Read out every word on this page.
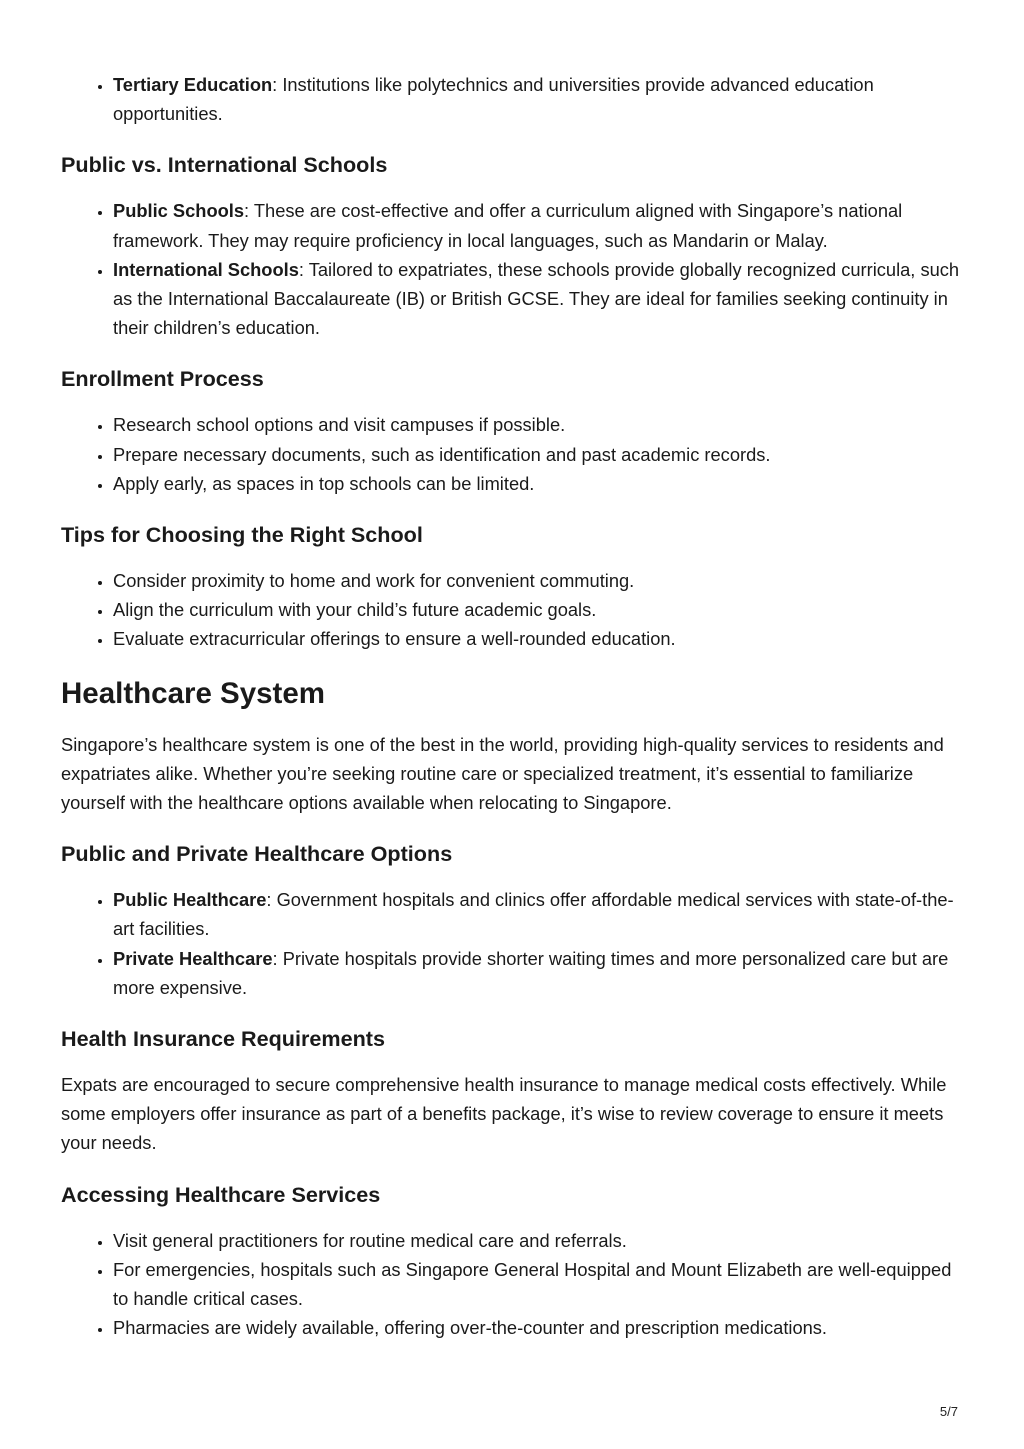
• Tertiary Education: Institutions like polytechnics and universities provide advanced education opportunities.
Public vs. International Schools
• Public Schools: These are cost-effective and offer a curriculum aligned with Singapore’s national framework. They may require proficiency in local languages, such as Mandarin or Malay.
• International Schools: Tailored to expatriates, these schools provide globally recognized curricula, such as the International Baccalaureate (IB) or British GCSE. They are ideal for families seeking continuity in their children’s education.
Enrollment Process
• Research school options and visit campuses if possible.
• Prepare necessary documents, such as identification and past academic records.
• Apply early, as spaces in top schools can be limited.
Tips for Choosing the Right School
• Consider proximity to home and work for convenient commuting.
• Align the curriculum with your child’s future academic goals.
• Evaluate extracurricular offerings to ensure a well-rounded education.
Healthcare System

Singapore’s healthcare system is one of the best in the world, providing high-quality services to residents and expatriates alike. Whether you’re seeking routine care or specialized treatment, it’s essential to familiarize yourself with the healthcare options available when relocating to Singapore.

Public and Private Healthcare Options
• Public Healthcare: Government hospitals and clinics offer affordable medical services with state-of-the-art facilities.
• Private Healthcare: Private hospitals provide shorter waiting times and more personalized care but are more expensive.
Health Insurance Requirements

Expats are encouraged to secure comprehensive health insurance to manage medical costs effectively. While some employers offer insurance as part of a benefits package, it’s wise to review coverage to ensure it meets your needs.

Accessing Healthcare Services
• Visit general practitioners for routine medical care and referrals.
• For emergencies, hospitals such as Singapore General Hospital and Mount Elizabeth are well-equipped to handle critical cases.
• Pharmacies are widely available, offering over-the-counter and prescription medications.
5/7
